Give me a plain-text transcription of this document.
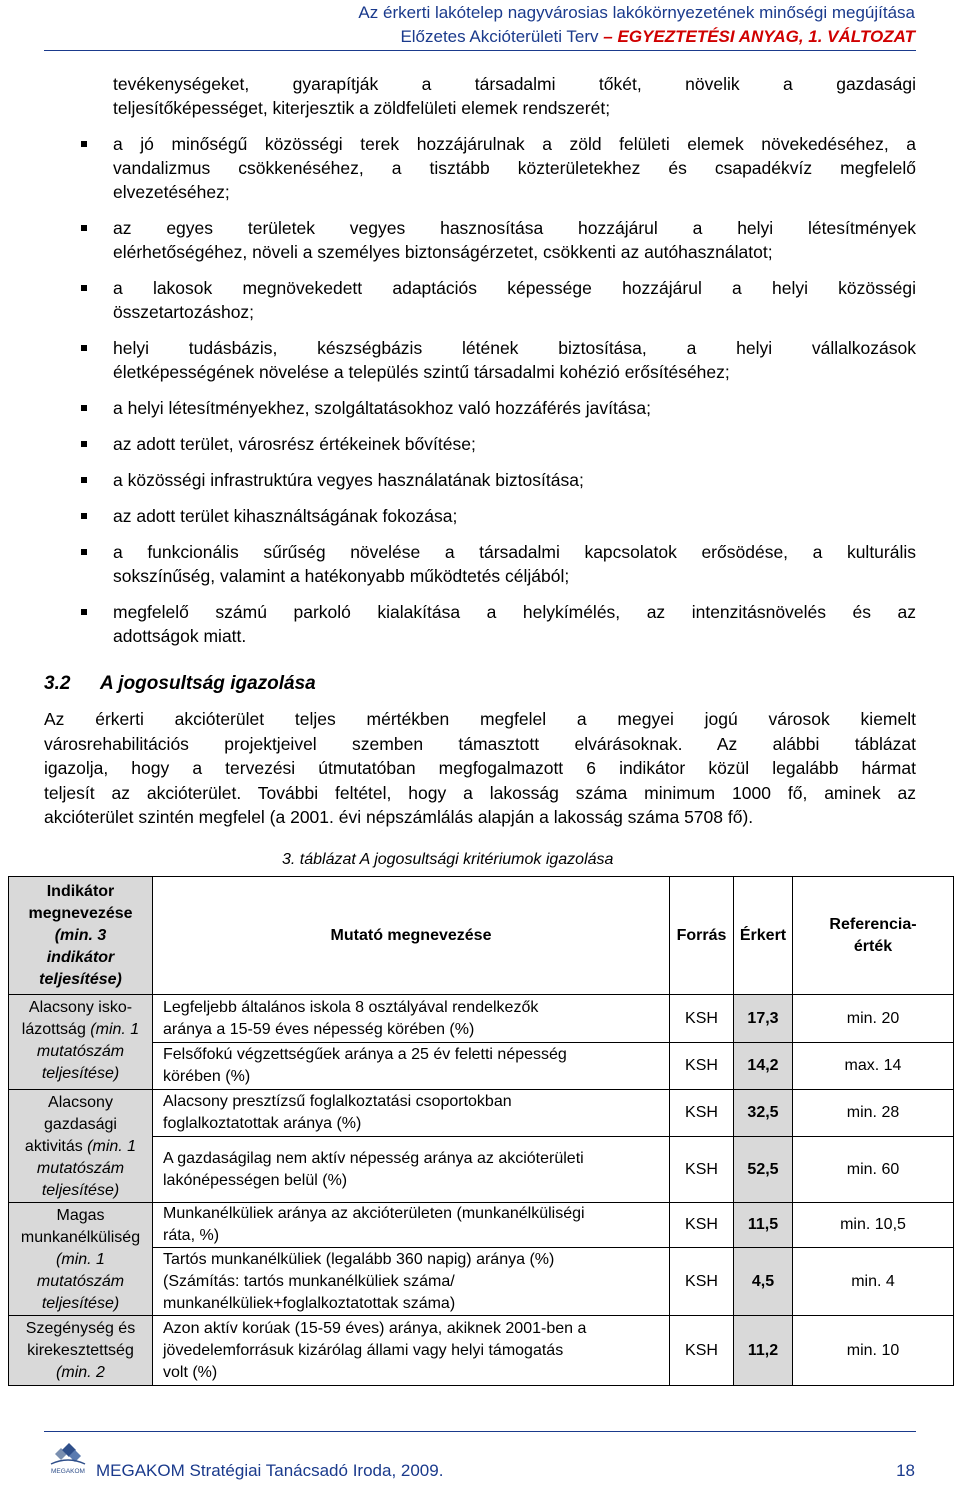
Az érkerti lakótelep nagyvárosias lakókörnyezetének minőségi megújítása
Előzetes Akcióterületi Terv – EGYEZTETÉSI ANYAG, 1. VÁLTOZAT
tevékenységeket, gyarapítják a társadalmi tőkét, növelik a gazdasági
teljesítőképességet, kiterjesztik a zöldfelületi elemek rendszerét;
a jó minőségű közösségi terek hozzájárulnak a zöld felületi elemek növekedéséhez, a
vandalizmus csökkenéséhez, a tisztább közterületekhez és csapadékvíz megfelelő
elvezetéséhez;
az egyes területek vegyes hasznosítása hozzájárul a helyi létesítmények
elérhetőségéhez, növeli a személyes biztonságérzetet, csökkenti az autóhasználatot;
a lakosok megnövekedett adaptációs képessége hozzájárul a helyi közösségi
összetartozáshoz;
helyi tudásbázis, készségbázis létének biztosítása, a helyi vállalkozások
életképességének növelése a település szintű társadalmi kohézió erősítéséhez;
a helyi létesítményekhez, szolgáltatásokhoz való hozzáférés javítása;
az adott terület, városrész értékeinek bővítése;
a közösségi infrastruktúra vegyes használatának biztosítása;
az adott terület kihasználtságának fokozása;
a funkcionális sűrűség növelése a társadalmi kapcsolatok erősödése, a kulturális
sokszínűség, valamint a hatékonyabb működtetés céljából;
megfelelő számú parkoló kialakítása a helykímélés, az intenzitásnövelés és az
adottságok miatt.
3.2 A jogosultság igazolása
Az érkerti akcióterület teljes mértékben megfelel a megyei jogú városok kiemelt
városrehabilitációs projektjeivel szemben támasztott elvárásoknak. Az alábbi táblázat
igazolja, hogy a tervezési útmutatóban megfogalmazott 6 indikátor közül legalább hármat
teljesít az akcióterület. További feltétel, hogy a lakosság száma minimum 1000 fő, aminek az
akcióterület szintén megfelel (a 2001. évi népszámlálás alapján a lakosság száma 5708 fő).
3. táblázat A jogosultsági kritériumok igazolása
Indikátor
megnevezése
(min. 3
indikátor
teljesítése)	Mutató megnevezése	Forrás	Érkert	Referencia-
érték

Alacsony isko-
lázottság (min. 1
mutatószám
teljesítése)	Legfeljebb általános iskola 8 osztályával rendelkezők
aránya a 15-59 éves népesség körében (%)	KSH	17,3	min. 20

	Felsőfokú végzettségűek aránya a 25 év feletti népesség
körében (%)	KSH	14,2	max. 14

Alacsony
gazdasági
aktivitás (min. 1
mutatószám
teljesítése)	Alacsony presztízsű foglalkoztatási csoportokban
foglalkoztatottak aránya (%)	KSH	32,5	min. 28

	A gazdaságilag nem aktív népesség aránya az akcióterületi
lakónépességen belül (%)	KSH	52,5	min. 60

Magas
munkanélküliség
(min. 1
mutatószám
teljesítése)	Munkanélküliek aránya az akcióterületen (munkanélküliségi
ráta, %)	KSH	11,5	min. 10,5

	Tartós munkanélküliek (legalább 360 napig) aránya (%)
(Számítás: tartós munkanélküliek száma/
munkanélküliek+foglalkoztatottak száma)	KSH	4,5	min. 4

Szegénység és
kirekesztettség
(min. 2	Azon aktív korúak (15-59 éves) aránya, akiknek 2001-ben a
jövedelemforrásuk kizárólag állami vagy helyi támogatás
volt (%)	KSH	11,2	min. 10
MEGAKOM MEGAKOM Stratégiai Tanácsadó Iroda, 2009.	18
